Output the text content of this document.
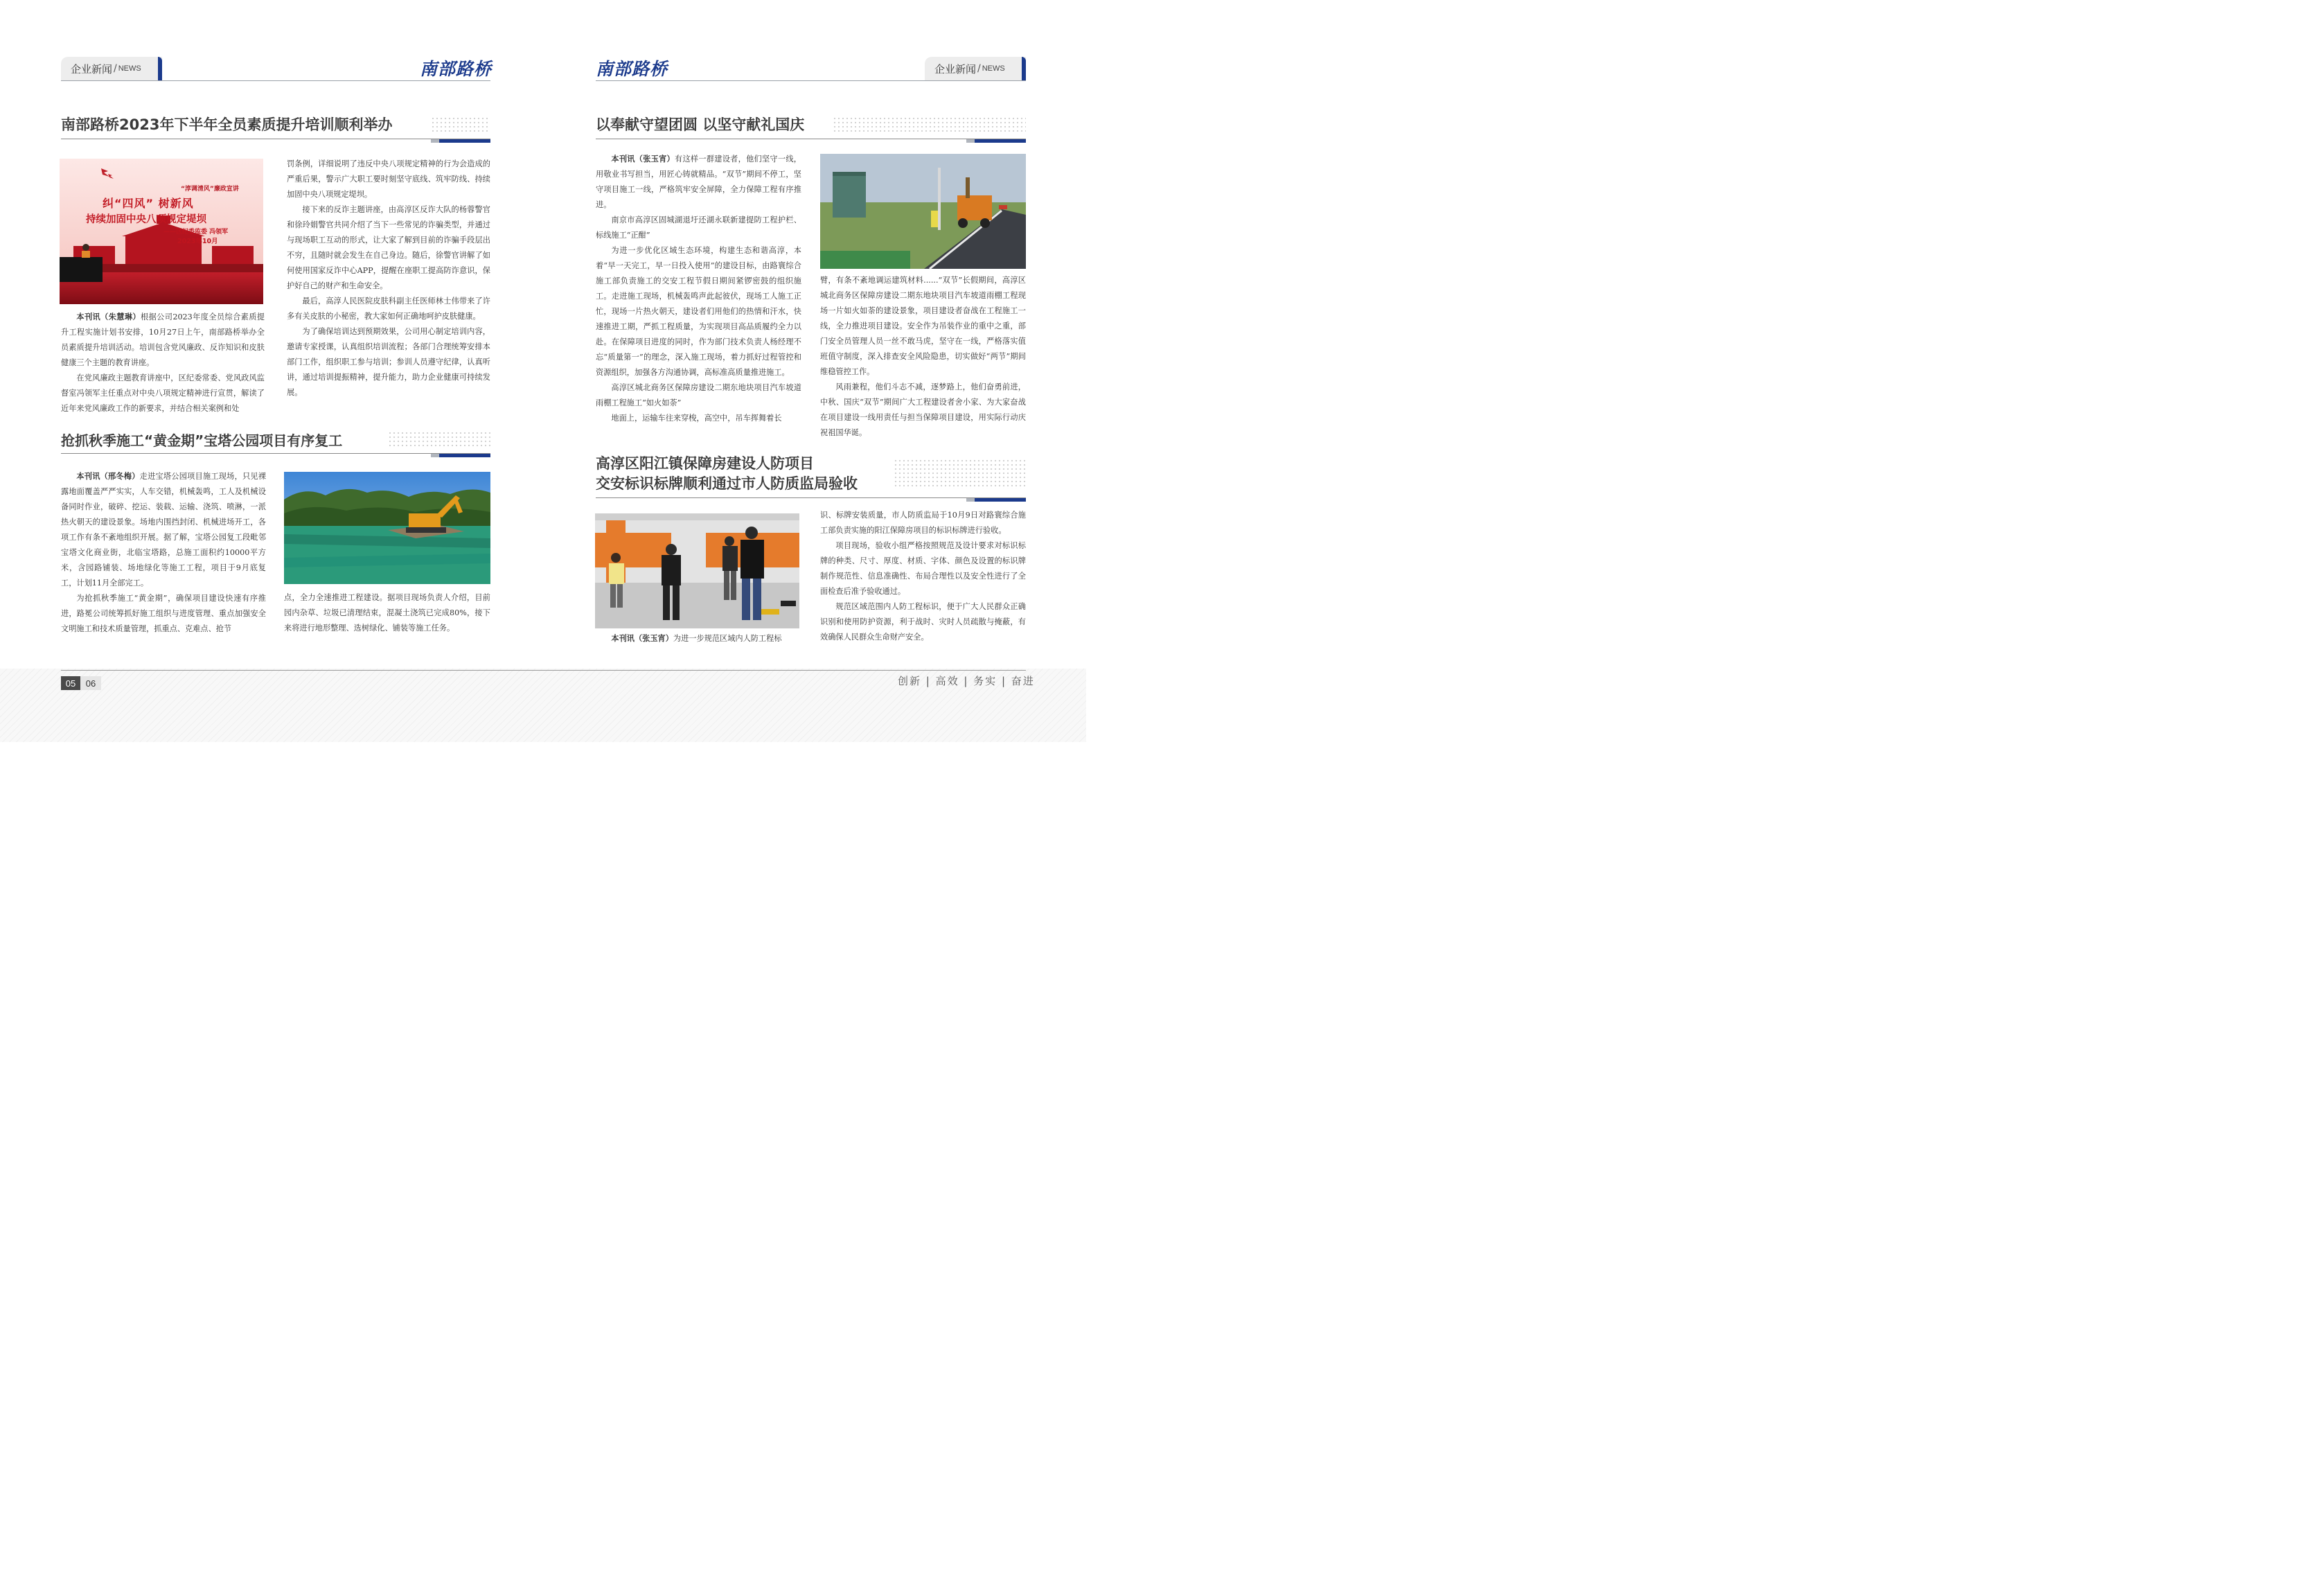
企业新闻 / NEWS	南部路桥
南部路桥2023年下半年全员素质提升培训顺利举办
“淳调清风”廉政宣讲
纠“四风” 树新风
持续加固中央八项规定堤坝
——区纪委监委 冯领军
2023年10月

本刊讯（朱慧琳）根据公司2023年度全员综合素质提升工程实施计划书安排，10月27日上午，南部路桥举办全员素质提升培训活动。培训包含党风廉政、反诈知识和皮肤健康三个主题的教育讲座。

在党风廉政主题教育讲座中，区纪委常委、党风政风监督室冯领军主任重点对中央八项规定精神进行宣贯，解读了近年来党风廉政工作的新要求，并结合相关案例和处

罚条例，详细说明了违反中央八项规定精神的行为会造成的严重后果，警示广大职工要时刻坚守底线、筑牢防线、持续加固中央八项规定堤坝。

接下来的反诈主题讲座，由高淳区反诈大队的杨蓉警官和徐玲娟警官共同介绍了当下一些常见的诈骗类型，并通过与现场职工互动的形式，让大家了解到目前的诈骗手段层出不穷，且随时就会发生在自己身边。随后，徐警官讲解了如何使用国家反诈中心APP，提醒在座职工提高防诈意识，保护好自己的财产和生命安全。

最后，高淳人民医院皮肤科副主任医师林士伟带来了许多有关皮肤的小秘密，教大家如何正确地呵护皮肤健康。

为了确保培训达到预期效果，公司用心制定培训内容，邀请专家授课，认真组织培训流程；各部门合理统筹安排本部门工作，组织职工参与培训；参训人员遵守纪律，认真听讲，通过培训提振精神，提升能力，助力企业健康可持续发展。

抢抓秋季施工“黄金期”宝塔公园项目有序复工

本刊讯（邢冬梅）走进宝塔公园项目施工现场，只见裸露地面覆盖严严实实，人车交错，机械轰鸣，工人及机械设备同时作业，破碎、挖运、装载、运输、浇筑、喷淋，一派热火朝天的建设景象。场地内围挡封闭、机械进场开工，各项工作有条不紊地组织开展。据了解，宝塔公园复工段毗邻宝塔文化商业街，北临宝塔路，总施工面积约10000平方米，含园路铺装、场地绿化等施工工程，项目于9月底复工，计划11月全部完工。

为抢抓秋季施工“黄金期”，确保项目建设快速有序推进，路冕公司统筹抓好施工组织与进度管理、重点加强安全文明施工和技术质量管理，抓重点、克难点、抢节

点，全力全速推进工程建设。据项目现场负责人介绍，目前园内杂草、垃圾已清理结束，混凝土浇筑已完成80%，接下来将进行地形整理、选树绿化、铺装等施工任务。

南部路桥	企业新闻 / NEWS
以奉献守望团圆 以坚守献礼国庆

本刊讯（张玉宵）有这样一群建设者，他们坚守一线，用敬业书写担当，用匠心铸就精品。“双节”期间不停工，坚守项目施工一线，严格筑牢安全屏障，全力保障工程有序推进。

南京市高淳区固城湖退圩还湖永联新建提防工程护栏、标线施工“正酣”

为进一步优化区域生态环境，构建生态和谐高淳，本着“早一天完工，早一日投入使用”的建设目标，由路寰综合施工部负责施工的交安工程节假日期间紧锣密鼓的组织施工。走进施工现场，机械轰鸣声此起彼伏，现场工人施工正忙，现场一片热火朝天，建设者们用他们的热情和汗水，快速推进工期，严抓工程质量，为实现项目高品质履约全力以赴。在保障项目进度的同时，作为部门技术负责人杨经理不忘“质量第一”的理念，深入施工现场，着力抓好过程管控和资源组织，加强各方沟通协调，高标准高质量推进施工。

高淳区城北商务区保障房建设二期东地块项目汽车坡道雨棚工程施工“如火如荼”

地面上，运输车往来穿梭，高空中，吊车挥舞着长

臂，有条不紊地调运建筑材料......“双节”长假期间，高淳区城北商务区保障房建设二期东地块项目汽车坡道雨棚工程现场一片如火如荼的建设景象，项目建设者奋战在工程施工一线，全力推进项目建设。安全作为吊装作业的重中之重，部门安全员管理人员一丝不敢马虎，坚守在一线，严格落实值班值守制度，深入排查安全风险隐患，切实做好“两节”期间维稳管控工作。

风雨兼程，他们斗志不减，逐梦路上，他们奋勇前进，中秋、国庆“双节”期间广大工程建设者舍小家、为大家奋战在项目建设一线用责任与担当保障项目建设，用实际行动庆祝祖国华诞。

高淳区阳江镇保障房建设人防项目
交安标识标牌顺利通过市人防质监局验收

本刊讯（张玉宵）为进一步规范区域内人防工程标

识、标牌安装质量，市人防质监局于10月9日对路寰综合施工部负责实施的阳江保障房项目的标识标牌进行验收。

项目现场，验收小组严格按照规范及设计要求对标识标牌的种类、尺寸、厚度、材质、字体、颜色及设置的标识牌制作规范性、信息准确性、布局合理性以及安全性进行了全面检查后准予验收通过。

规范区域范围内人防工程标识，便于广大人民群众正确识别和使用防护资源，利于战时、灾时人员疏散与掩蔽，有效确保人民群众生命财产安全。

05	06	创新 | 高效 | 务实 | 奋进
